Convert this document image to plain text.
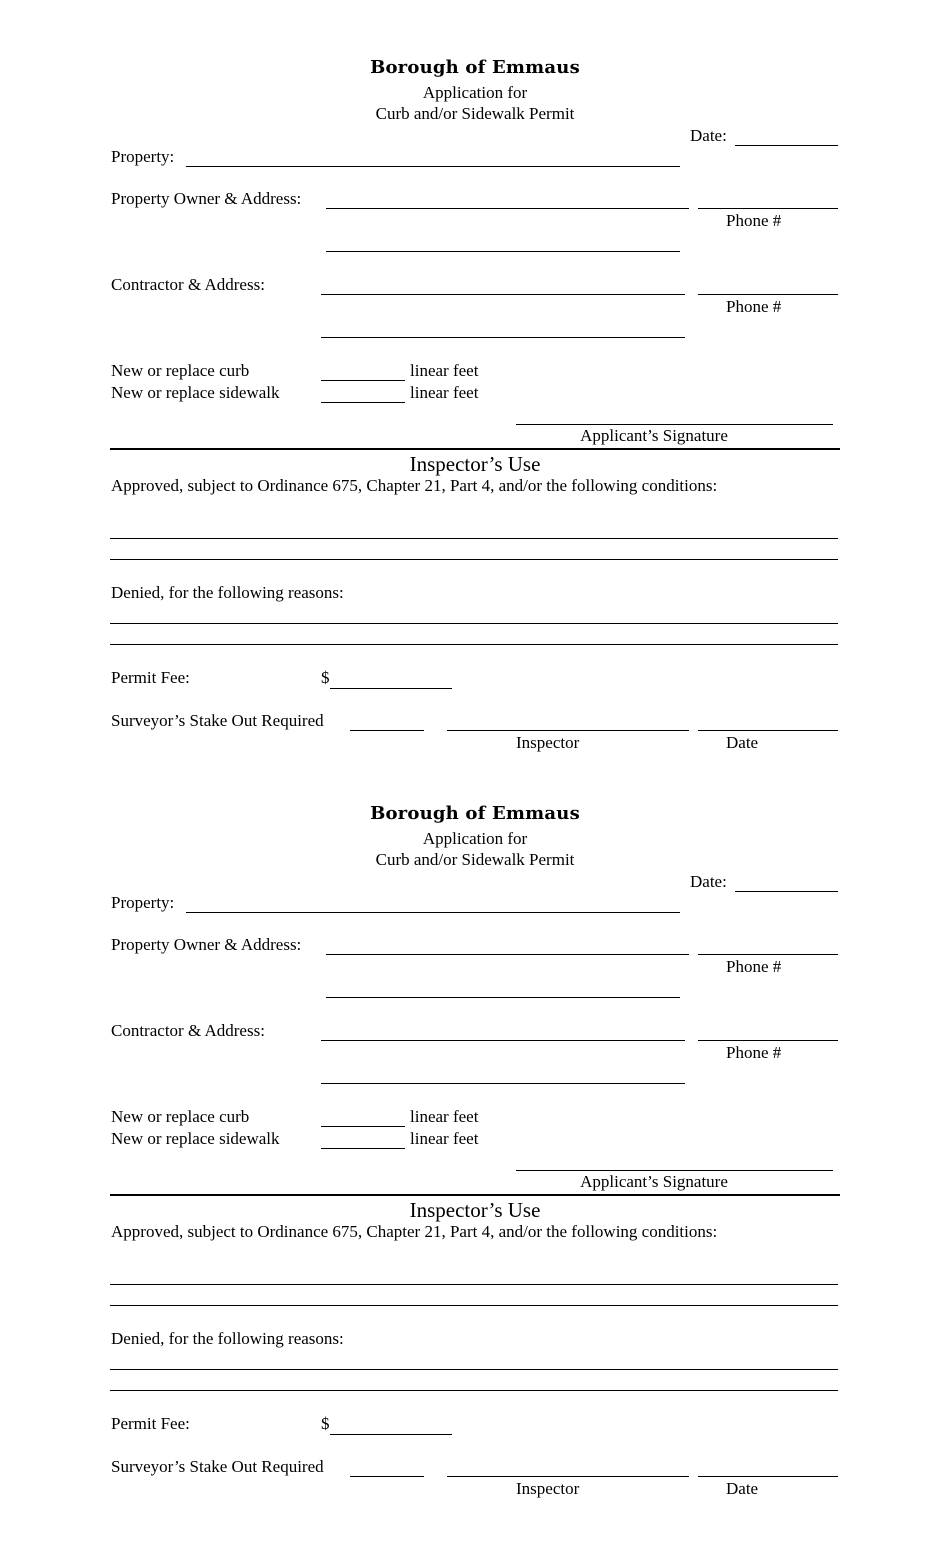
Borough of Emmaus
Application for
Curb and/or Sidewalk Permit
Date:
Property:
Property Owner & Address:
Phone #
Contractor & Address:
Phone #
New or replace curb	linear feet
New or replace sidewalk	linear feet
Applicant’s Signature
Inspector’s Use
Approved, subject to Ordinance 675, Chapter 21, Part 4, and/or the following conditions:
Denied, for the following reasons:
Permit Fee:	$
Surveyor’s Stake Out Required
Inspector	Date
Borough of Emmaus
Application for
Curb and/or Sidewalk Permit
Date:
Property:
Property Owner & Address:
Phone #
Contractor & Address:
Phone #
New or replace curb	linear feet
New or replace sidewalk	linear feet
Applicant’s Signature
Inspector’s Use
Approved, subject to Ordinance 675, Chapter 21, Part 4, and/or the following conditions:
Denied, for the following reasons:
Permit Fee:	$
Surveyor’s Stake Out Required
Inspector	Date
